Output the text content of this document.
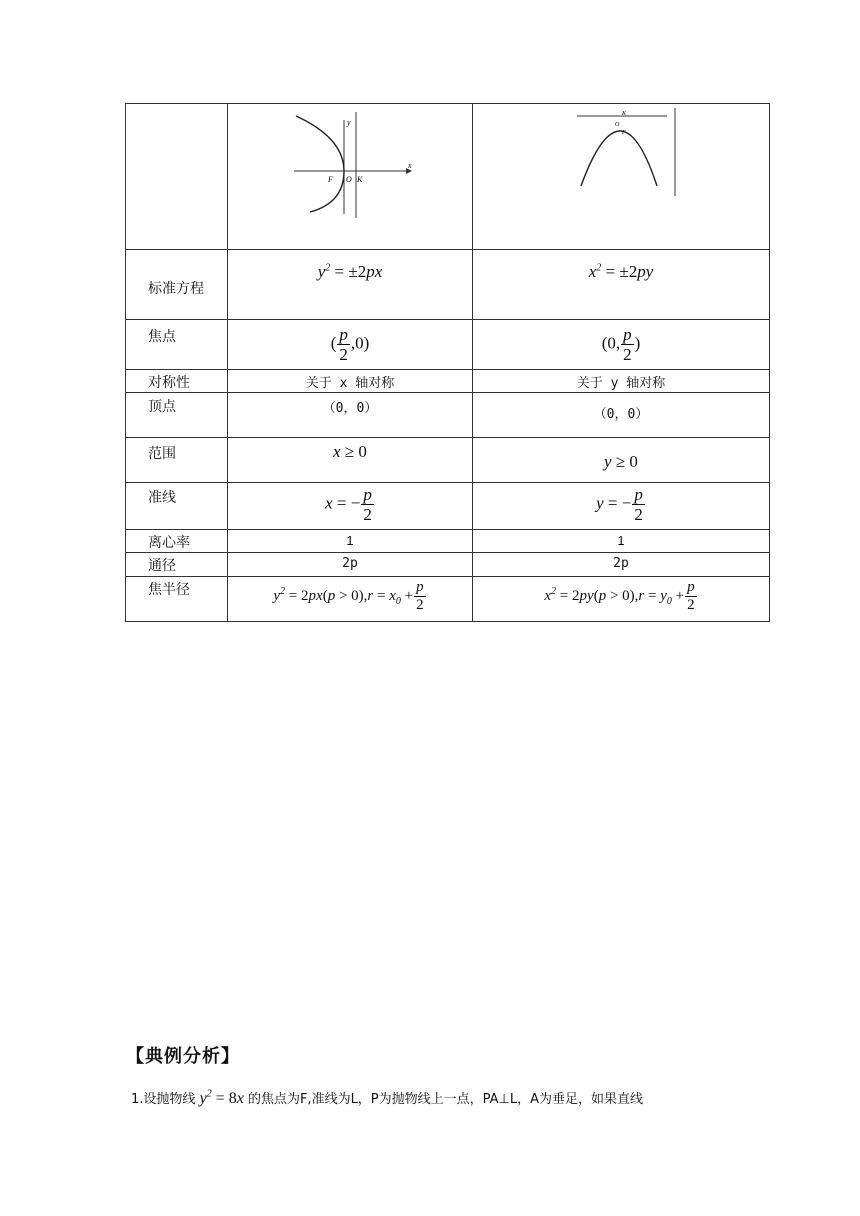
y
x
F O K	K
O
F

标准方程	$y^2 = \pm 2px$	$x^2 = \pm 2py$

焦点	( $\frac{p}{2} ,0$)	(0, $\frac{p}{2}$ )

对称性	关于 x 轴对称	关于 y 轴对称

顶点	（0，0）	（0，0）

范围	x ≥ 0	y ≥ 0

准线	x = − $\frac{p}{2}$	y = − $\frac{p}{2}$

离心率	1	1

通径	2p	2p

焦半径	$y^2 = 2px(p > 0),r = x_0 + \frac{p}{2}$	$x^2 = 2py(p > 0),r = y_0 + \frac{p}{2}$
【典例分析】
1.设抛物线 $y^2 = 8x$ 的焦点为F,准线为L，P为抛物线上一点，PA⊥L，A为垂足，如果直线
